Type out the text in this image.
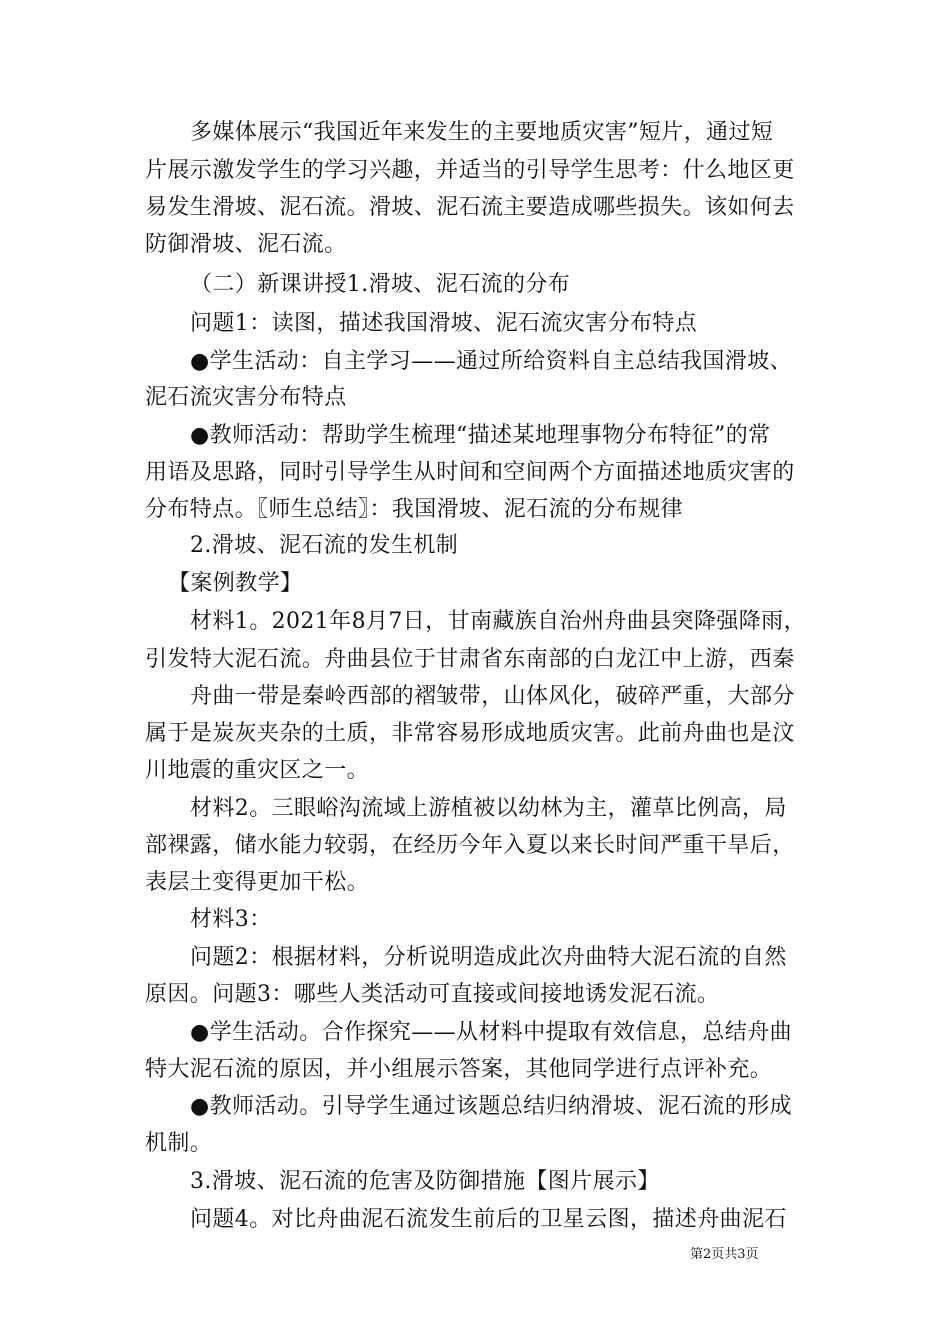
多媒体展示“我国近年来发生的主要地质灾害”短片，通过短
片展示激发学生的学习兴趣，并适当的引导学生思考：什么地区更
易发生滑坡、泥石流。滑坡、泥石流主要造成哪些损失。该如何去
防御滑坡、泥石流。
（二）新课讲授1.滑坡、泥石流的分布
问题1：读图，描述我国滑坡、泥石流灾害分布特点
●学生活动：自主学习——通过所给资料自主总结我国滑坡、
泥石流灾害分布特点
●教师活动：帮助学生梳理“描述某地理事物分布特征”的常
用语及思路，同时引导学生从时间和空间两个方面描述地质灾害的
分布特点。〖师生总结〗：我国滑坡、泥石流的分布规律
2.滑坡、泥石流的发生机制
【案例教学】
材料1。2021年8月7日，甘南藏族自治州舟曲县突降强降雨，
引发特大泥石流。舟曲县位于甘肃省东南部的白龙江中上游，西秦
舟曲一带是秦岭西部的褶皱带，山体风化，破碎严重，大部分
属于是炭灰夹杂的土质，非常容易形成地质灾害。此前舟曲也是汶
川地震的重灾区之一。
材料2。三眼峪沟流域上游植被以幼林为主，灌草比例高，局
部裸露，储水能力较弱，在经历今年入夏以来长时间严重干旱后，
表层土变得更加干松。
材料3：
问题2：根据材料，分析说明造成此次舟曲特大泥石流的自然
原因。问题3：哪些人类活动可直接或间接地诱发泥石流。
●学生活动。合作探究——从材料中提取有效信息，总结舟曲
特大泥石流的原因，并小组展示答案，其他同学进行点评补充。
●教师活动。引导学生通过该题总结归纳滑坡、泥石流的形成
机制。
3.滑坡、泥石流的危害及防御措施【图片展示】
问题4。对比舟曲泥石流发生前后的卫星云图，描述舟曲泥石
第2页共3页
